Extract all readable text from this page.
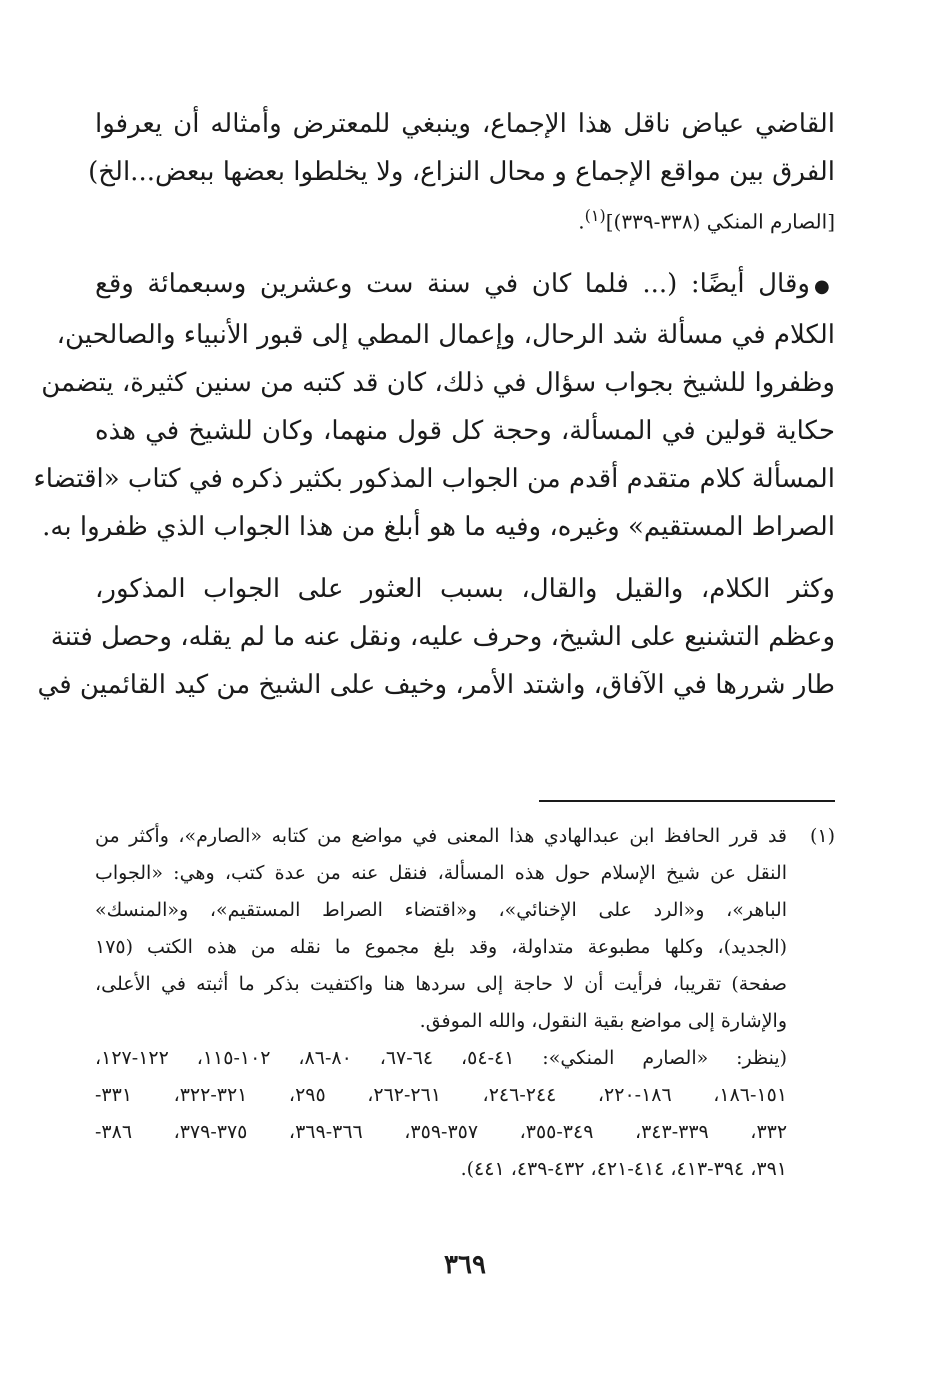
القاضي عياض ناقل هذا الإجماع، وينبغي للمعترض وأمثاله أن يعرفوا
الفرق بين مواقع الإجماع و محال النزاع، ولا يخلطوا بعضها ببعض...الخ)
[الصارم المنكي (٣٣٨-٣٣٩)]$^{(١)}$.
●وقال أيضًا: (... فلما كان في سنة ست وعشرين وسبعمائة وقع
الكلام في مسألة شد الرحال، وإعمال المطي إلى قبور الأنبياء والصالحين،
وظفروا للشيخ بجواب سؤال في ذلك، كان قد كتبه من سنين كثيرة، يتضمن
حكاية قولين في المسألة، وحجة كل قول منهما، وكان للشيخ في هذه
المسألة كلام متقدم أقدم من الجواب المذكور بكثير ذكره في كتاب «اقتضاء
الصراط المستقيم» وغيره، وفيه ما هو أبلغ من هذا الجواب الذي ظفروا به.
وكثر الكلام، والقيل والقال، بسبب العثور على الجواب المذكور،
وعظم التشنيع على الشيخ، وحرف عليه، ونقل عنه ما لم يقله، وحصل فتنة
طار شررها في الآفاق، واشتد الأمر، وخيف على الشيخ من كيد القائمين في
(١)
قد قرر الحافظ ابن عبدالهادي هذا المعنى في مواضع من كتابه «الصارم»، وأكثر من
النقل عن شيخ الإسلام حول هذه المسألة، فنقل عنه من عدة كتب، وهي: «الجواب
الباهر»، و«الرد على الإخنائي»، و«اقتضاء الصراط المستقيم»، و«المنسك»
(الجديد)، وكلها مطبوعة متداولة، وقد بلغ مجموع ما نقله من هذه الكتب (١٧٥
صفحة) تقريبا، فرأيت أن لا حاجة إلى سردها هنا واكتفيت بذكر ما أثبته في الأعلى،
والإشارة إلى مواضع بقية النقول، والله الموفق.
(ينظر: «الصارم المنكي»: ٤١-٥٤، ٦٤-٦٧، ٨٠-٨٦، ١٠٢-١١٥، ١٢٢-١٢٧،
١٥١-١٨٦، ١٨٦-٢٢٠، ٢٤٤-٢٤٦، ٢٦١-٢٦٢، ٢٩٥، ٣٢١-٣٢٢، ٣٣١-
٣٣٢، ٣٣٩-٣٤٣، ٣٤٩-٣٥٥، ٣٥٧-٣٥٩، ٣٦٦-٣٦٩، ٣٧٥-٣٧٩، ٣٨٦-
٣٩١، ٣٩٤-٤١٣، ٤١٤-٤٢١، ٤٣٢-٤٣٩، ٤٤١).
٣٦٩
